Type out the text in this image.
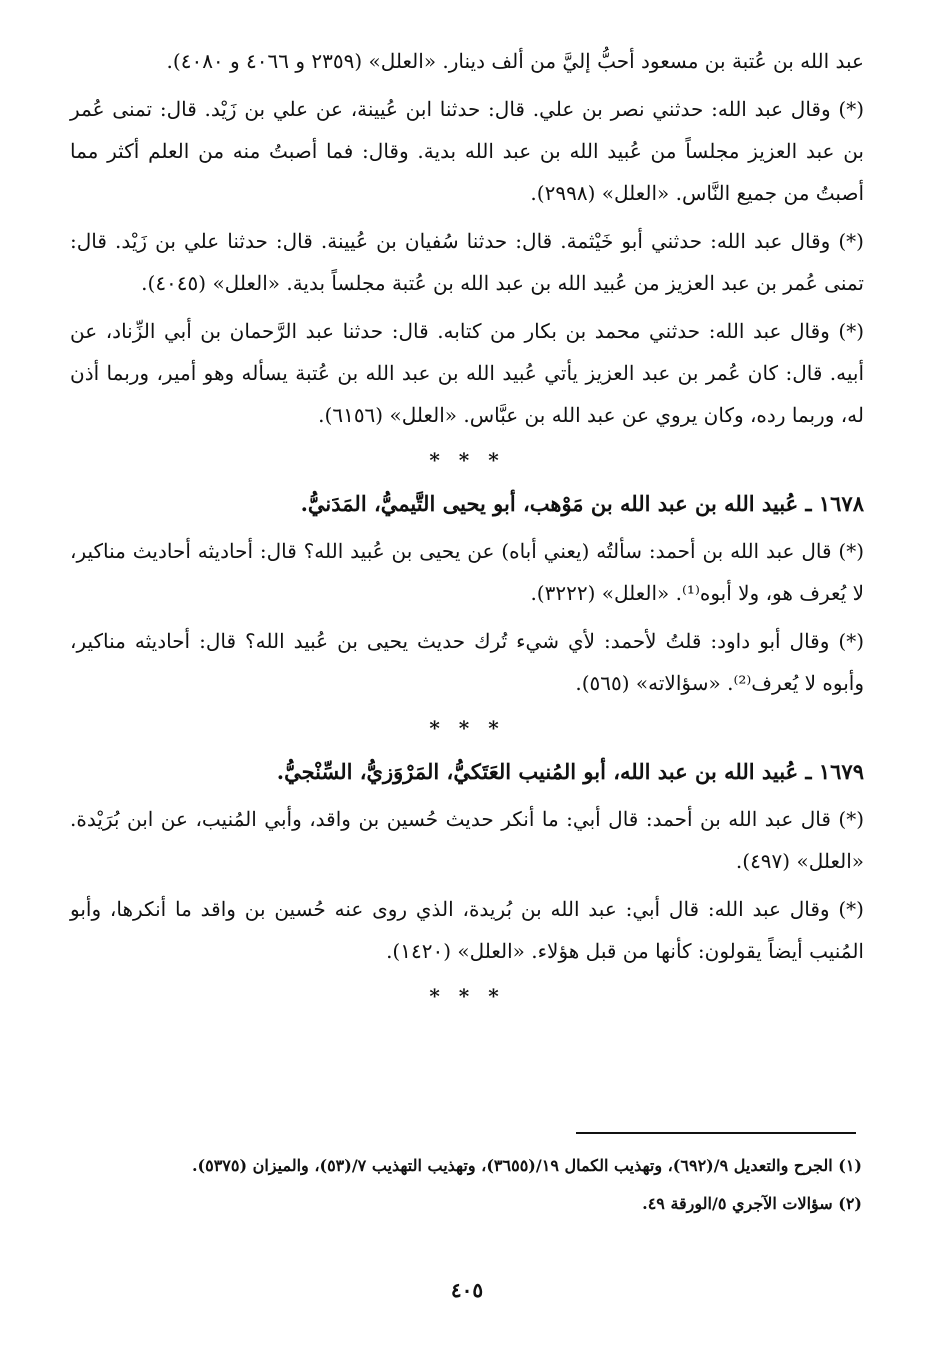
عبد الله بن عُتبة بن مسعود أحبُّ إليَّ من ألف دينار. «العلل» (٢٣٥٩ و ٤٠٦٦ و ٤٠٨٠).

(*) وقال عبد الله: حدثني نصر بن علي. قال: حدثنا ابن عُيينة، عن علي بن زَيْد. قال: تمنى عُمر بن عبد العزيز مجلساً من عُبيد الله بن عبد الله بدية. وقال: فما أصبتُ منه من العلم أكثر مما أصبتُ من جميع النَّاس. «العلل» (٢٩٩٨).

(*) وقال عبد الله: حدثني أبو خَيْثمة. قال: حدثنا سُفيان بن عُيينة. قال: حدثنا علي بن زَيْد. قال: تمنى عُمر بن عبد العزيز من عُبيد الله بن عبد الله بن عُتبة مجلساً بدية. «العلل» (٤٠٤٥).

(*) وقال عبد الله: حدثني محمد بن بكار من كتابه. قال: حدثنا عبد الرَّحمان بن أبي الزِّناد، عن أبيه. قال: كان عُمر بن عبد العزيز يأتي عُبيد الله بن عبد الله بن عُتبة يسأله وهو أمير، وربما أذن له، وربما رده، وكان يروي عن عبد الله بن عبَّاس. «العلل» (٦١٥٦).

* * *
١٦٧٨ ـ عُبيد الله بن عبد الله بن مَوْهب، أبو يحيى التَّيميُّ، المَدَنيُّ.

(*) قال عبد الله بن أحمد: سألتُه (يعني أباه) عن يحيى بن عُبيد الله؟ قال: أحاديثه أحاديث مناكير، لا يُعرف هو، ولا أبوه⁽¹⁾. «العلل» (٣٢٢٢).

(*) وقال أبو داود: قلتُ لأحمد: لأي شيء تُرك حديث يحيى بن عُبيد الله؟ قال: أحاديثه مناكير، وأبوه لا يُعرف⁽²⁾. «سؤالاته» (٥٦٥).

* * *
١٦٧٩ ـ عُبيد الله بن عبد الله، أبو المُنيب العَتَكيُّ، المَرْوَزيُّ، السِّنْجيُّ.

(*) قال عبد الله بن أحمد: قال أبي: ما أنكر حديث حُسين بن واقد، وأبي المُنيب، عن ابن بُرَيْدة. «العلل» (٤٩٧).

(*) وقال عبد الله: قال أبي: عبد الله بن بُريدة، الذي روى عنه حُسين بن واقد ما أنكرها، وأبو المُنيب أيضاً يقولون: كأنها من قبل هؤلاء. «العلل» (١٤٢٠).

* * *

(١) الجرح والتعديل ٩/(٦٩٢)، وتهذيب الكمال ١٩/(٣٦٥٥)، وتهذيب التهذيب ٧/(٥٣)، والميزان (٥٣٧٥).

(٢) سؤالات الآجري ٥/الورقة ٤٩.

٤٠٥
